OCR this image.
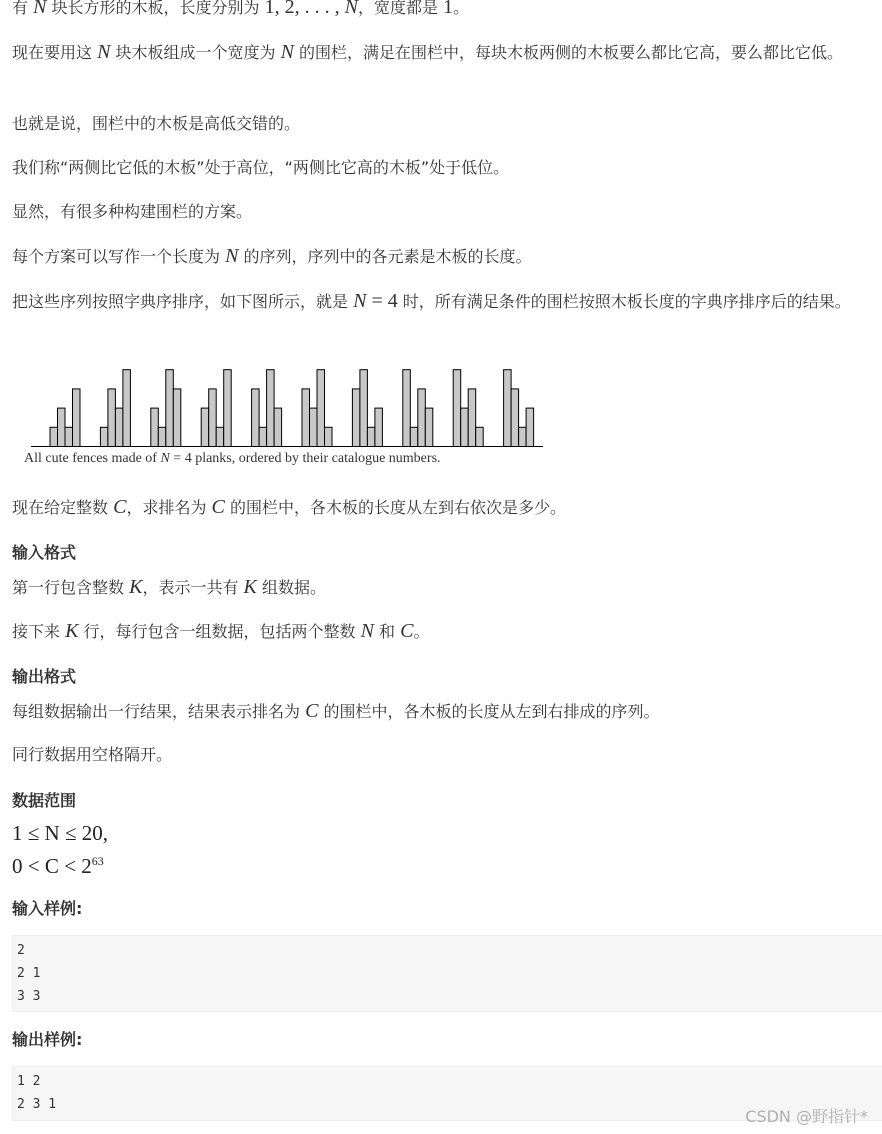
有 N 块长方形的木板，长度分别为 1, 2, . . . , N，宽度都是 1。
现在要用这 N 块木板组成一个宽度为 N 的围栏，满足在围栏中，每块木板两侧的木板要么都比它高，要么都比它低。
也就是说，围栏中的木板是高低交错的。
我们称“两侧比它低的木板”处于高位，“两侧比它高的木板”处于低位。
显然，有很多种构建围栏的方案。
每个方案可以写作一个长度为 N 的序列，序列中的各元素是木板的长度。
把这些序列按照字典序排序，如下图所示，就是 N = 4 时，所有满足条件的围栏按照木板长度的字典序排序后的结果。
All cute fences made of N = 4 planks, ordered by their catalogue numbers.
现在给定整数 C，求排名为 C 的围栏中，各木板的长度从左到右依次是多少。
输入格式
第一行包含整数 K，表示一共有 K 组数据。
接下来 K 行，每行包含一组数据，包括两个整数 N 和 C。
输出格式
每组数据输出一行结果，结果表示排名为 C 的围栏中，各木板的长度从左到右排成的序列。
同行数据用空格隔开。
数据范围
1 ≤ N ≤ 20,
$0 < C < 2^{63}$
输入样例:
2
2 1
3 3
输出样例:
1 2
2 3 1
CSDN @野指针*
